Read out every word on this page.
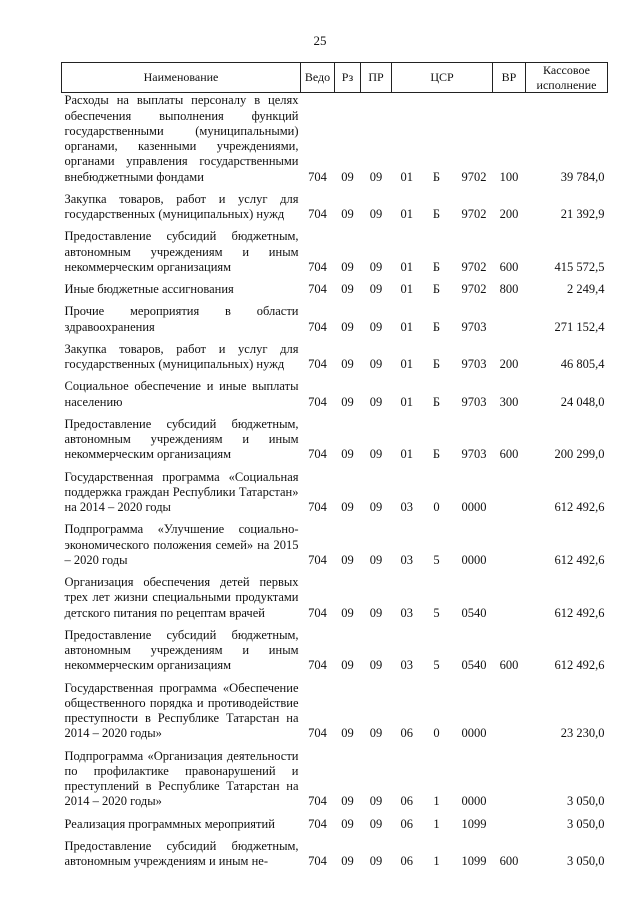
25
Наименование	Ведо	Рз	ПР	ЦСР	ВР	Кассовое исполнение
Расходы на выплаты персоналу в целях обеспечения выполнения функций государственными (муниципальными) органами, казенными учреждениями, органами управления государственными внебюджетными фондами	704	09	09	01 Б 9702	100	39 784,0
Закупка товаров, работ и услуг для государственных (муниципальных) нужд	704	09	09	01 Б 9702	200	21 392,9
Предоставление субсидий бюджетным, автономным учреждениям и иным некоммерческим организациям	704	09	09	01 Б 9702	600	415 572,5
Иные бюджетные ассигнования	704	09	09	01 Б 9702	800	2 249,4
Прочие мероприятия в области здравоохранения	704	09	09	01 Б 9703		271 152,4
Закупка товаров, работ и услуг для государственных (муниципальных) нужд	704	09	09	01 Б 9703	200	46 805,4
Социальное обеспечение и иные выплаты населению	704	09	09	01 Б 9703	300	24 048,0
Предоставление субсидий бюджетным, автономным учреждениям и иным некоммерческим организациям	704	09	09	01 Б 9703	600	200 299,0
Государственная программа «Социальная поддержка граждан Республики Татарстан» на 2014 – 2020 годы	704	09	09	03 0 0000		612 492,6
Подпрограмма «Улучшение социально-экономического положения семей» на 2015 – 2020 годы	704	09	09	03 5 0000		612 492,6
Организация обеспечения детей первых трех лет жизни специальными продуктами детского питания по рецептам врачей	704	09	09	03 5 0540		612 492,6
Предоставление субсидий бюджетным, автономным учреждениям и иным некоммерческим организациям	704	09	09	03 5 0540	600	612 492,6
Государственная программа «Обеспечение общественного порядка и противодействие преступности в Республике Татарстан на 2014 – 2020 годы»	704	09	09	06 0 0000		23 230,0
Подпрограмма «Организация деятельности по профилактике правонарушений и преступлений в Республике Татарстан на 2014 – 2020 годы»	704	09	09	06 1 0000		3 050,0
Реализация программных мероприятий	704	09	09	06 1 1099		3 050,0
Предоставление субсидий бюджетным, автономным учреждениям и иным не-	704	09	09	06 1 1099	600	3 050,0
